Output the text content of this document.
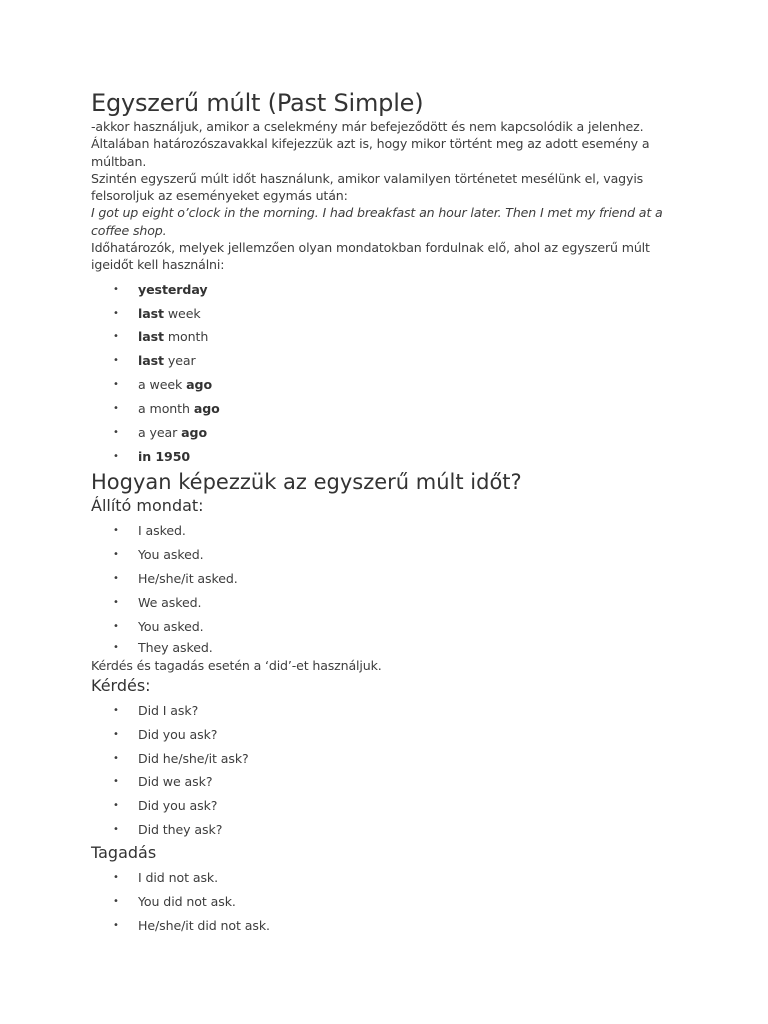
Egyszerű múlt (Past Simple)

-akkor használjuk, amikor a cselekmény már befejeződött és nem kapcsolódik a jelenhez.

Általában határozószavakkal kifejezzük azt is, hogy mikor történt meg az adott esemény a múltban.

Szintén egyszerű múlt időt használunk, amikor valamilyen történetet mesélünk el, vagyis felsoroljuk az eseményeket egymás után:

I got up eight o’clock in the morning. I had breakfast an hour later. Then I met my friend at a coffee shop.

Időhatározók, melyek jellemzően olyan mondatokban fordulnak elő, ahol az egyszerű múlt igeidőt kell használni:

• yesterday
• last week
• last month
• last year
• a week ago
• a month ago
• a year ago
• in 1950
Hogyan képezzük az egyszerű múlt időt?
Állító mondat:
• I asked.
• You asked.
• He/she/it asked.
• We asked.
• You asked.
• They asked.

Kérdés és tagadás esetén a ‘did’-et használjuk.

Kérdés:
• Did I ask?
• Did you ask?
• Did he/she/it ask?
• Did we ask?
• Did you ask?
• Did they ask?
Tagadás
• I did not ask.
• You did not ask.
• He/she/it did not ask.
